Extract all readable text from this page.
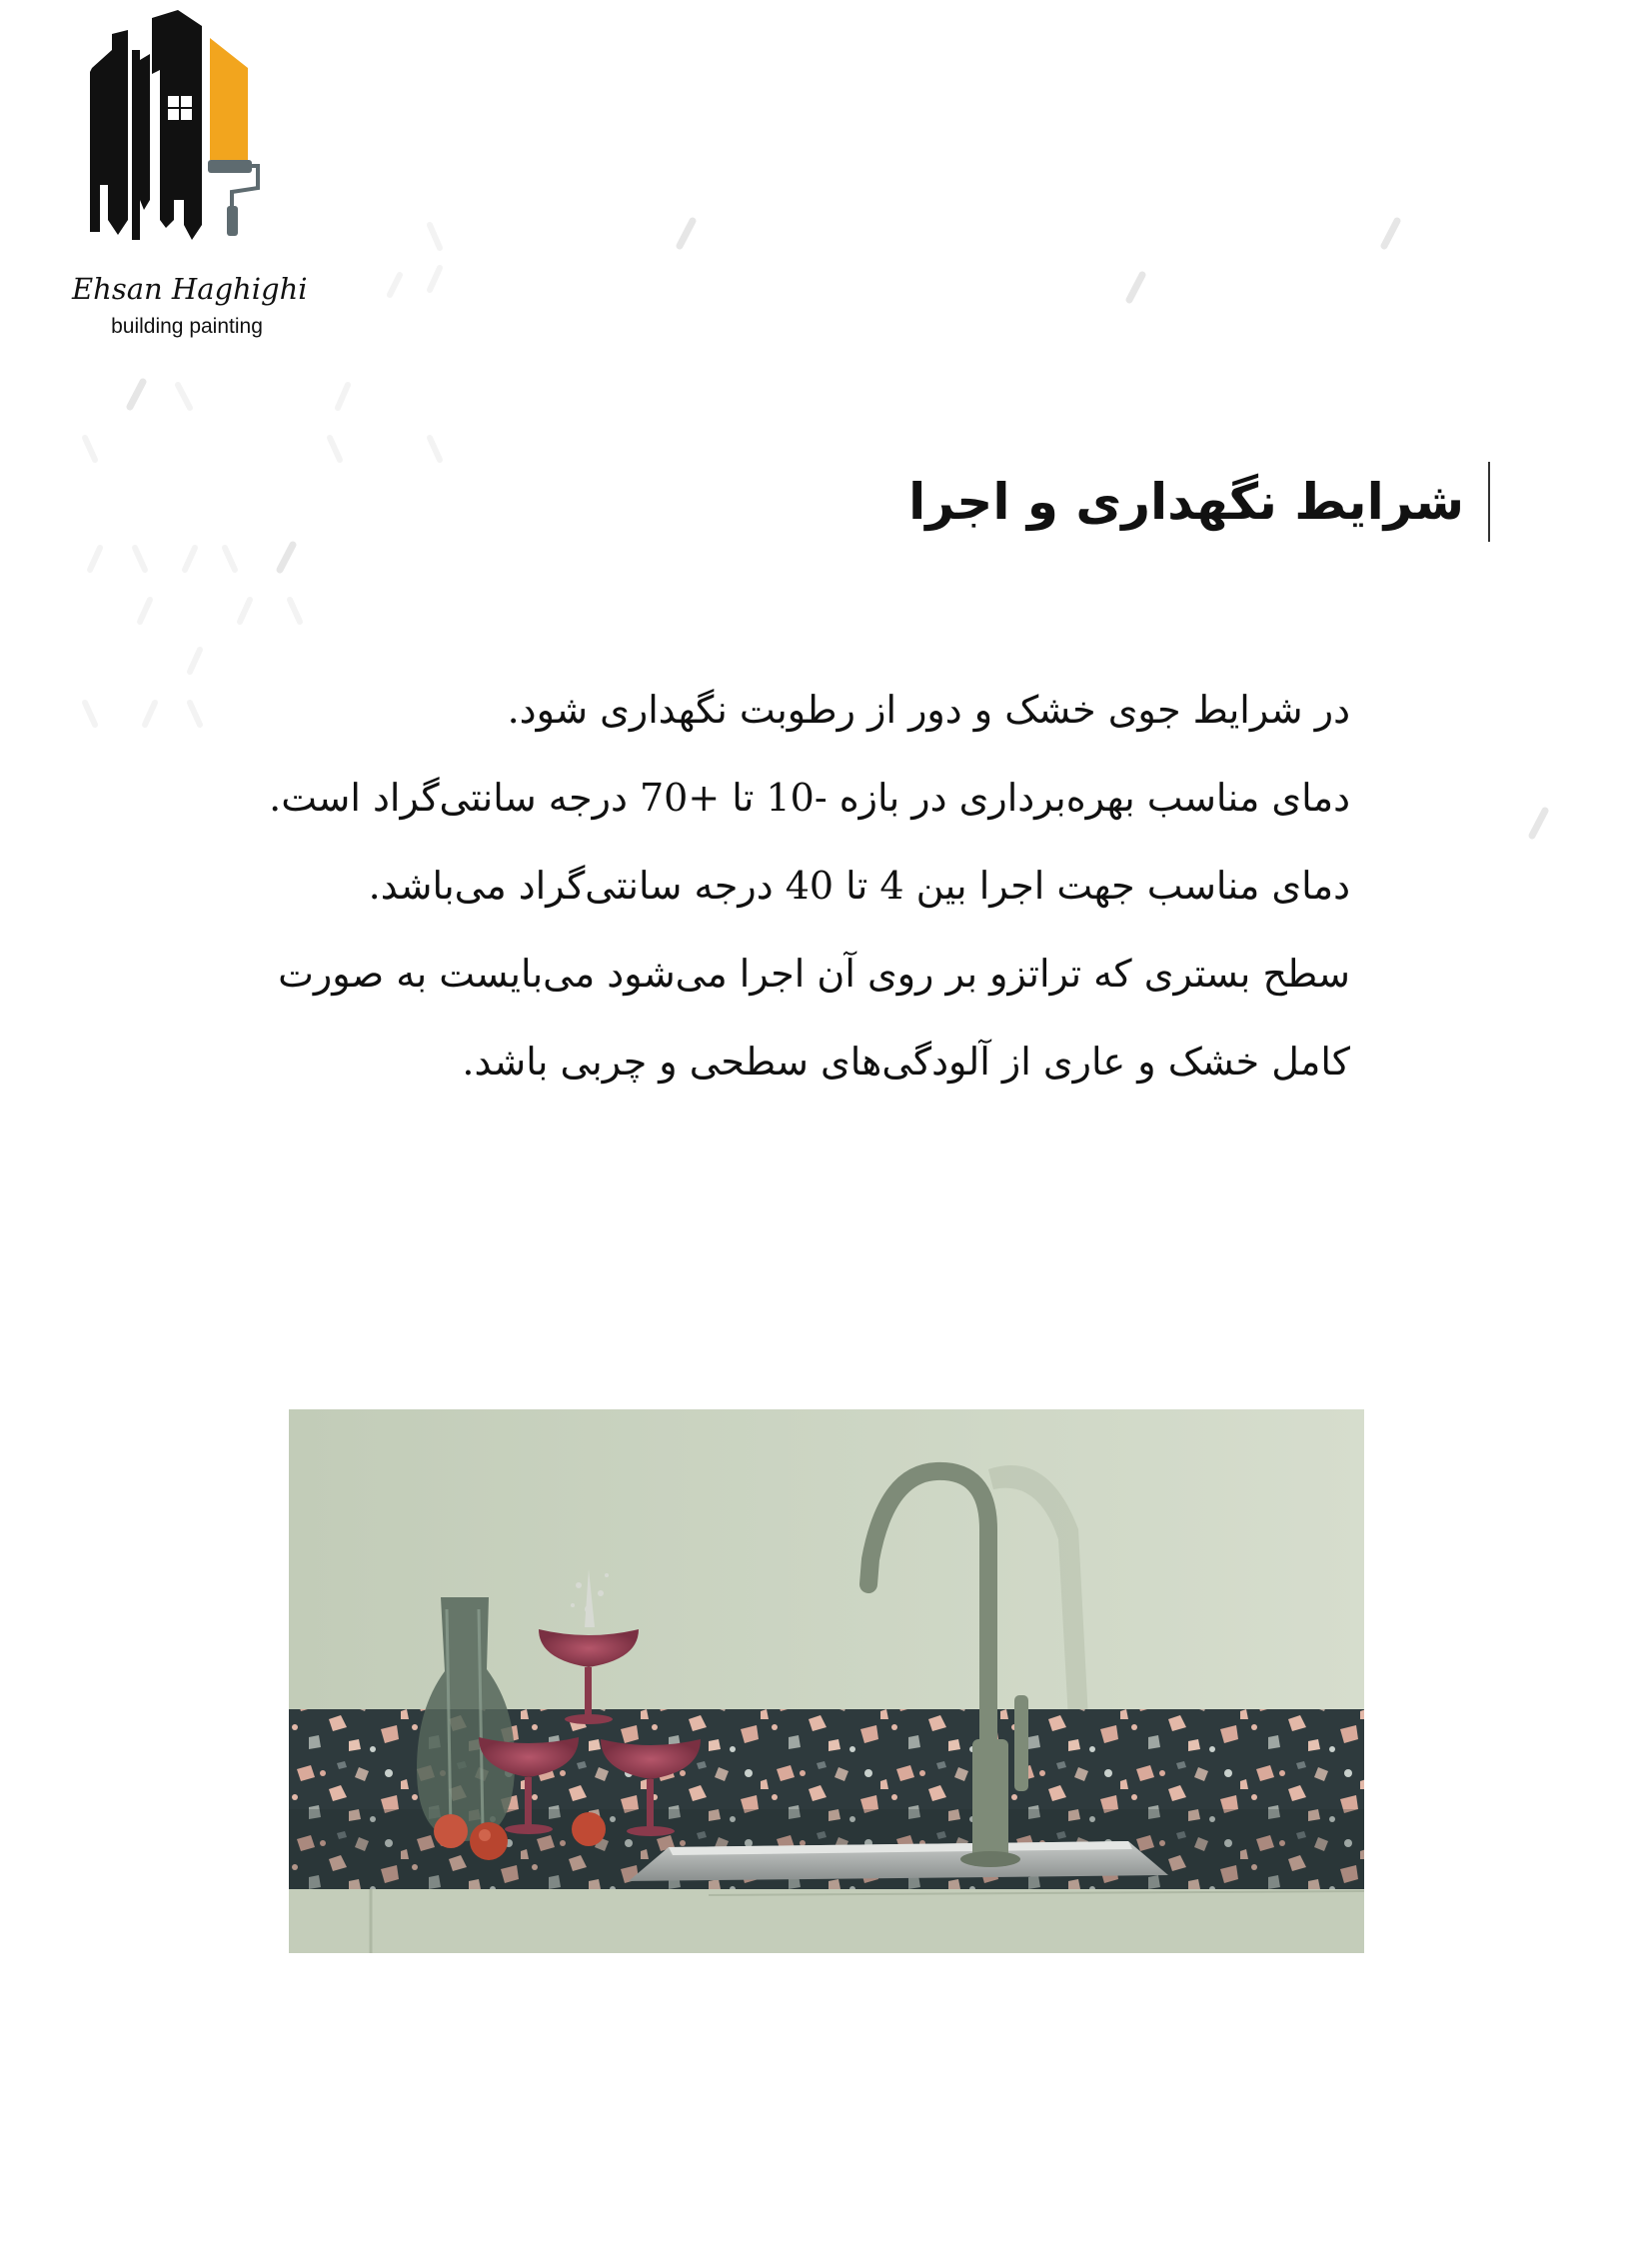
Ehsan Haghighi
building painting
شرایط نگهداری و اجرا

در شرایط جوی خشک و دور از رطوبت نگهداری شود.

دمای مناسب بهره‌برداری در بازه -10 تا +70 درجه سانتی‌گراد است.

دمای مناسب جهت اجرا بین 4 تا 40 درجه سانتی‌گراد می‌باشد.

سطح بستری که تراتزو بر روی آن اجرا می‌شود می‌بایست به صورت

کامل خشک و عاری از آلودگی‌های سطحی و چربی باشد.
